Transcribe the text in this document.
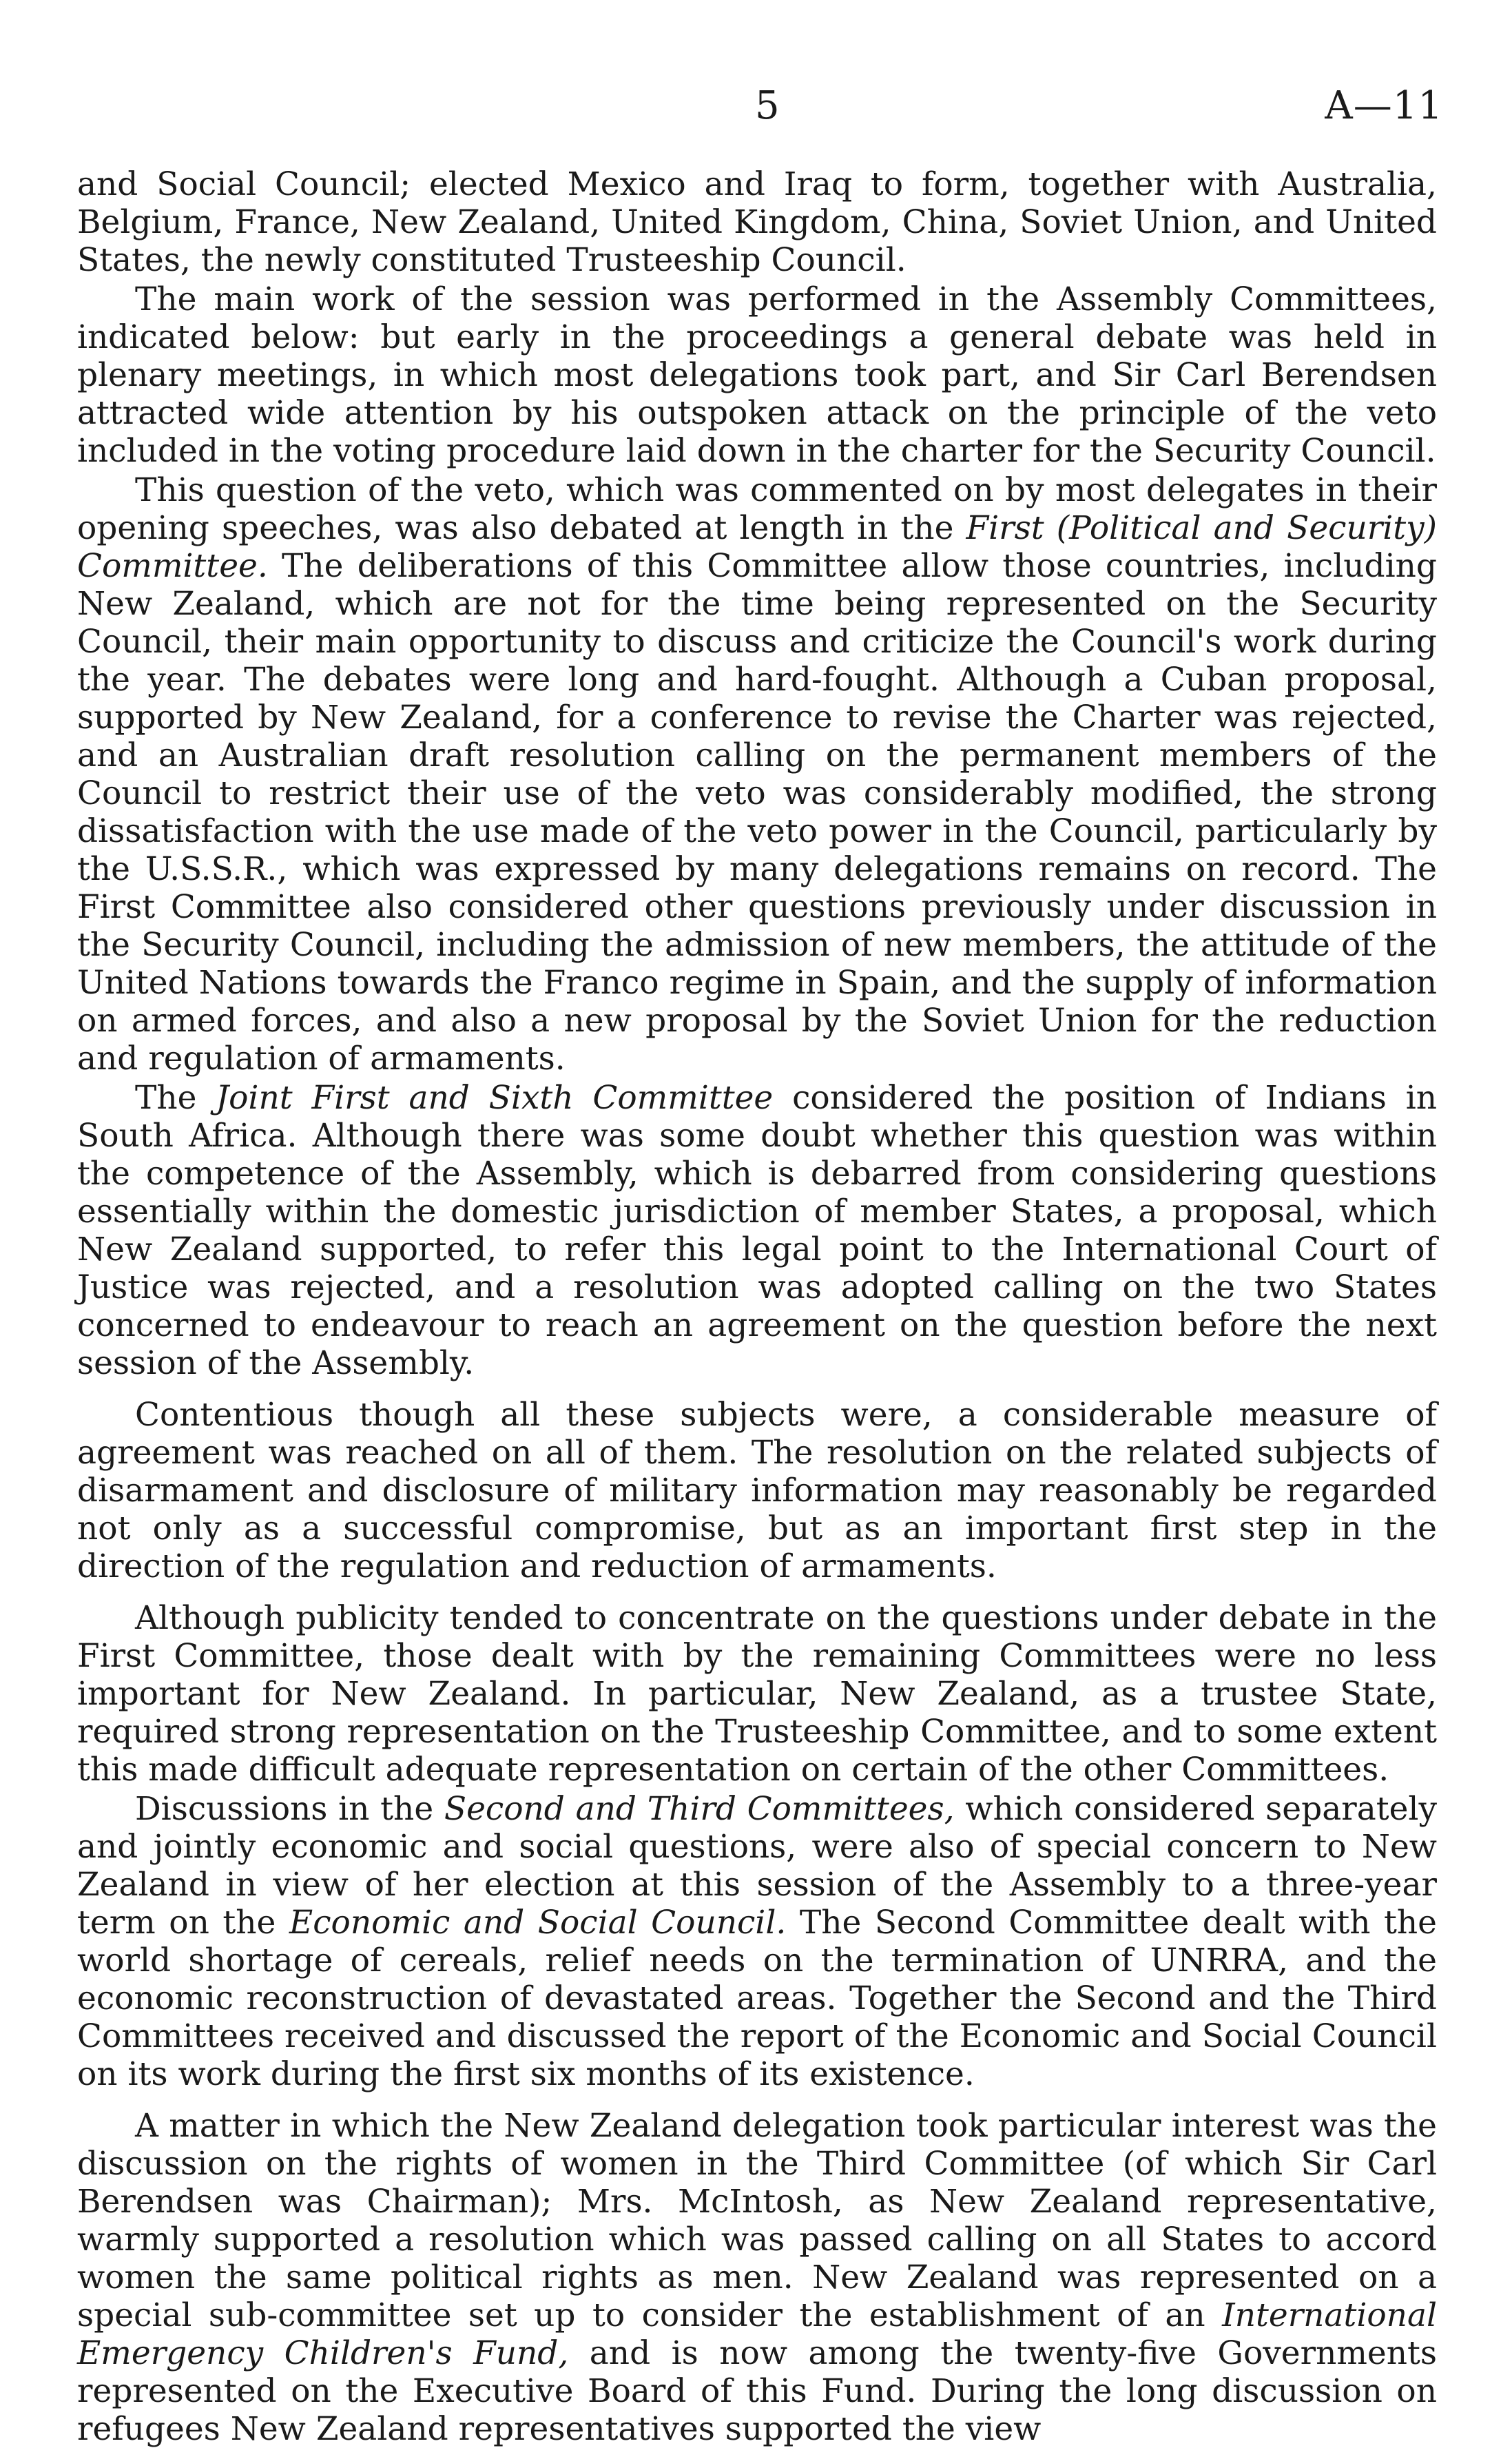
5	A—11

and Social Council; elected Mexico and Iraq to form, together with Australia, Belgium, France, New Zealand, United Kingdom, China, Soviet Union, and United States, the newly constituted Trusteeship Council.

The main work of the session was performed in the Assembly Committees, indicated below: but early in the proceedings a general debate was held in plenary meetings, in which most delegations took part, and Sir Carl Berendsen attracted wide attention by his outspoken attack on the principle of the veto included in the voting procedure laid down in the charter for the Security Council.

This question of the veto, which was commented on by most delegates in their opening speeches, was also debated at length in the First (Political and Security) Committee. The deliberations of this Committee allow those countries, including New Zealand, which are not for the time being represented on the Security Council, their main opportunity to discuss and criticize the Council's work during the year. The debates were long and hard-fought. Although a Cuban proposal, supported by New Zealand, for a conference to revise the Charter was rejected, and an Australian draft resolution calling on the permanent members of the Council to restrict their use of the veto was considerably modified, the strong dissatisfaction with the use made of the veto power in the Council, particularly by the U.S.S.R., which was expressed by many delegations remains on record. The First Committee also considered other questions previously under discussion in the Security Council, including the admission of new members, the attitude of the United Nations towards the Franco regime in Spain, and the supply of information on armed forces, and also a new proposal by the Soviet Union for the reduction and regulation of armaments.

The Joint First and Sixth Committee considered the position of Indians in South Africa. Although there was some doubt whether this question was within the competence of the Assembly, which is debarred from considering questions essentially within the domestic jurisdiction of member States, a proposal, which New Zealand supported, to refer this legal point to the International Court of Justice was rejected, and a resolution was adopted calling on the two States concerned to endeavour to reach an agreement on the question before the next session of the Assembly.

Contentious though all these subjects were, a considerable measure of agreement was reached on all of them. The resolution on the related subjects of disarmament and disclosure of military information may reasonably be regarded not only as a successful compromise, but as an important first step in the direction of the regulation and reduction of armaments.

Although publicity tended to concentrate on the questions under debate in the First Committee, those dealt with by the remaining Committees were no less important for New Zealand. In particular, New Zealand, as a trustee State, required strong representation on the Trusteeship Committee, and to some extent this made difficult adequate representation on certain of the other Committees.

Discussions in the Second and Third Committees, which considered separately and jointly economic and social questions, were also of special concern to New Zealand in view of her election at this session of the Assembly to a three-year term on the Economic and Social Council. The Second Committee dealt with the world shortage of cereals, relief needs on the termination of UNRRA, and the economic reconstruction of devastated areas. Together the Second and the Third Committees received and discussed the report of the Economic and Social Council on its work during the first six months of its existence.

A matter in which the New Zealand delegation took particular interest was the discussion on the rights of women in the Third Committee (of which Sir Carl Berendsen was Chairman); Mrs. McIntosh, as New Zealand representative, warmly supported a resolution which was passed calling on all States to accord women the same political rights as men. New Zealand was represented on a special sub-committee set up to consider the establishment of an International Emergency Children's Fund, and is now among the twenty-five Governments represented on the Executive Board of this Fund. During the long discussion on refugees New Zealand representatives supported the view
